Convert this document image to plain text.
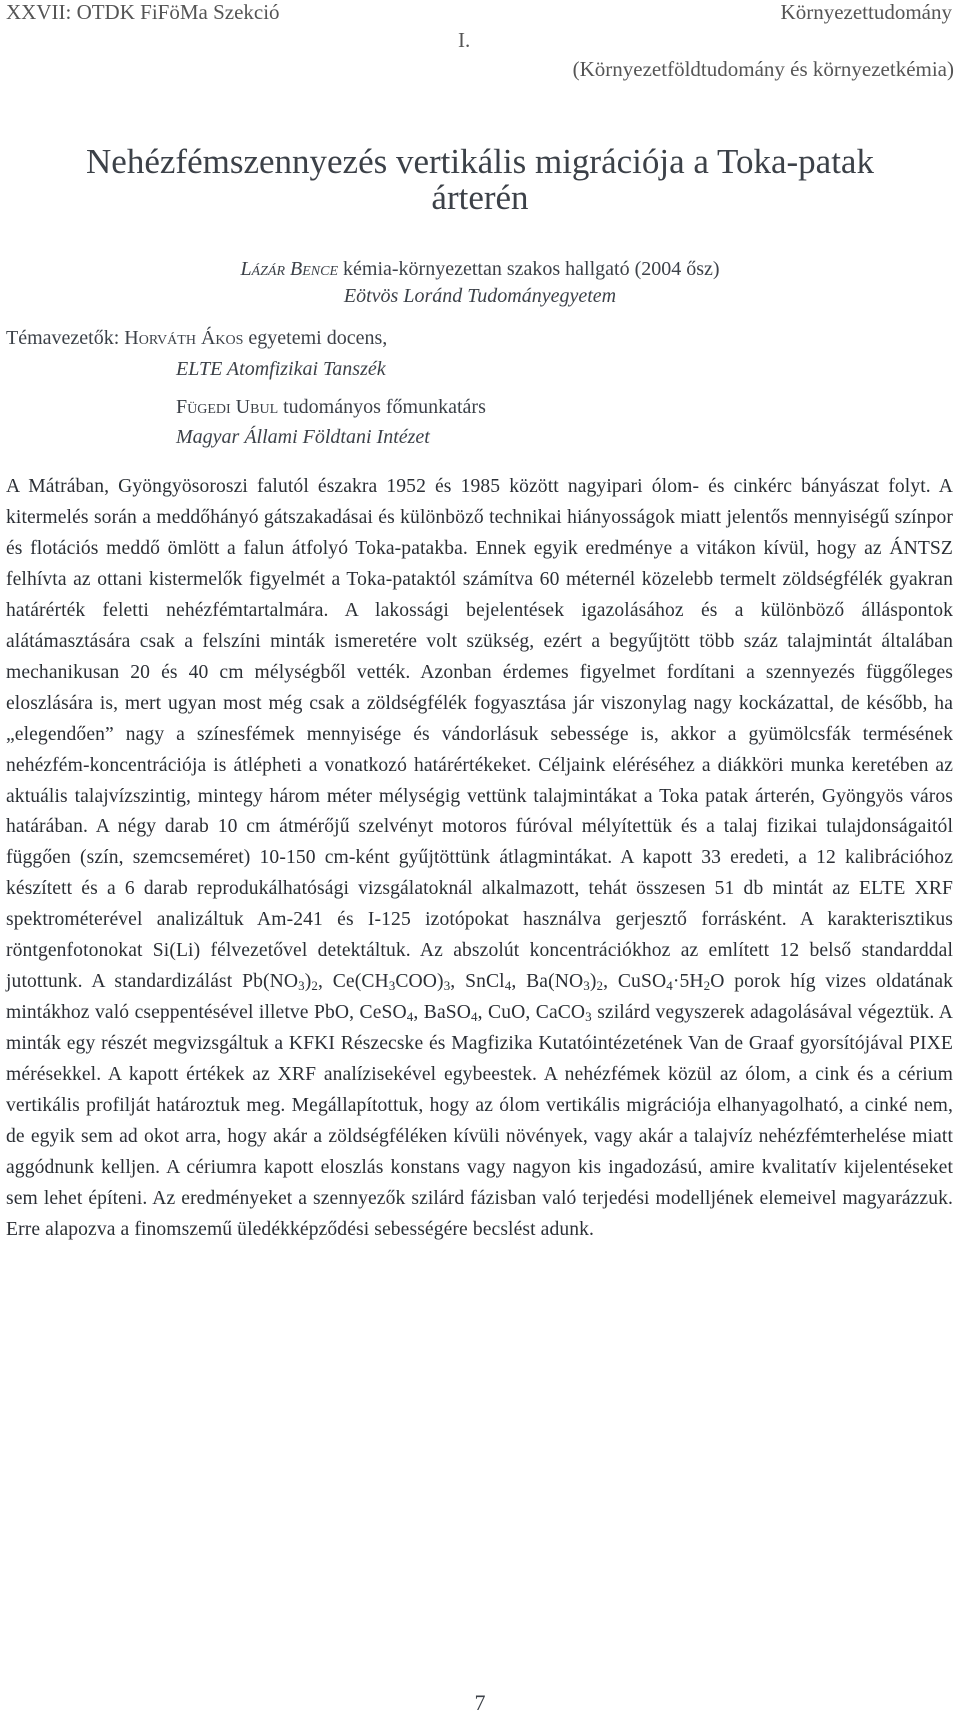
XXVII: OTDK FiFöMa Szekció	Környezettudomány
I.
(Környezetföldtudomány és környezetkémia)
Nehézfémszennyezés vertikális migrációja a Toka-patak
árterén
Lázár Bence kémia-környezettan szakos hallgató (2004 ősz)
Eötvös Loránd Tudományegyetem
Témavezetők: Horváth Ákos egyetemi docens,
ELTE Atomfizikai Tanszék
Fügedi Ubul tudományos főmunkatárs
Magyar Állami Földtani Intézet

A Mátrában, Gyöngyösoroszi falutól északra 1952 és 1985 között nagyipari ólom- és cinkérc bányászat folyt. A kitermelés során a meddőhányó gátszakadásai és különböző technikai hiányosságok miatt jelentős mennyiségű színpor és flotációs meddő ömlött a falun átfolyó Toka-patakba. Ennek egyik eredménye a vitákon kívül, hogy az ÁNTSZ felhívta az ottani kistermelők figyelmét a Toka-pataktól számítva 60 méternél közelebb termelt zöldségfélék gyakran határérték feletti nehézfémtartalmára. A lakossági bejelentések igazolásához és a különböző álláspontok alátámasztására csak a felszíni minták ismeretére volt szükség, ezért a begyűjtött több száz talajmintát általában mechanikusan 20 és 40 cm mélységből vették. Azonban érdemes figyelmet fordítani a szennyezés függőleges eloszlására is, mert ugyan most még csak a zöldségfélék fogyasztása jár viszonylag nagy kockázattal, de később, ha „elegendően” nagy a színesfémek mennyisége és vándorlásuk sebessége is, akkor a gyümölcsfák termésének nehézfém-koncentrációja is átlépheti a vonatkozó határértékeket. Céljaink eléréséhez a diákköri munka keretében az aktuális talajvízszintig, mintegy három méter mélységig vettünk talajmintákat a Toka patak árterén, Gyöngyös város határában. A négy darab 10 cm átmérőjű szelvényt motoros fúróval mélyítettük és a talaj fizikai tulajdonságaitól függően (szín, szemcseméret) 10-150 cm-ként gyűjtöttünk átlagmintákat. A kapott 33 eredeti, a 12 kalibrációhoz készített és a 6 darab reprodukálhatósági vizsgálatoknál alkalmazott, tehát összesen 51 db mintát az ELTE XRF spektrométerével analizáltuk Am-241 és I-125 izotópokat használva gerjesztő forrásként. A karakterisztikus röntgenfotonokat Si(Li) félvezetővel detektáltuk. Az abszolút koncentrációkhoz az említett 12 belső standarddal jutottunk. A standardizálást $Pb(NO_3)_2$, $Ce(CH_3COO)_3$, SnCl$_4$, $Ba(NO_3)_2$, $CuSO_4\cdot 5H_2O$ porok híg vizes oldatának mintákhoz való cseppentésével illetve PbO, CeSO$_4$, BaSO$_4$, CuO, CaCO$_3$ szilárd vegyszerek adagolásával végeztük. A minták egy részét megvizsgáltuk a KFKI Részecske és Magfizika Kutatóintézetének Van de Graaf gyorsítójával PIXE mérésekkel. A kapott értékek az XRF analízisekével egybeestek. A nehézfémek közül az ólom, a cink és a cérium vertikális profilját határoztuk meg. Megállapítottuk, hogy az ólom vertikális migrációja elhanyagolható, a cinké nem, de egyik sem ad okot arra, hogy akár a zöldségféléken kívüli növények, vagy akár a talajvíz nehézfémterhelése miatt aggódnunk kelljen. A cériumra kapott eloszlás konstans vagy nagyon kis ingadozású, amire kvalitatív kijelentéseket sem lehet építeni. Az eredményeket a szennyezők szilárd fázisban való terjedési modelljének elemeivel magyarázzuk. Erre alapozva a finomszemű üledékképződési sebességére becslést adunk.

7
